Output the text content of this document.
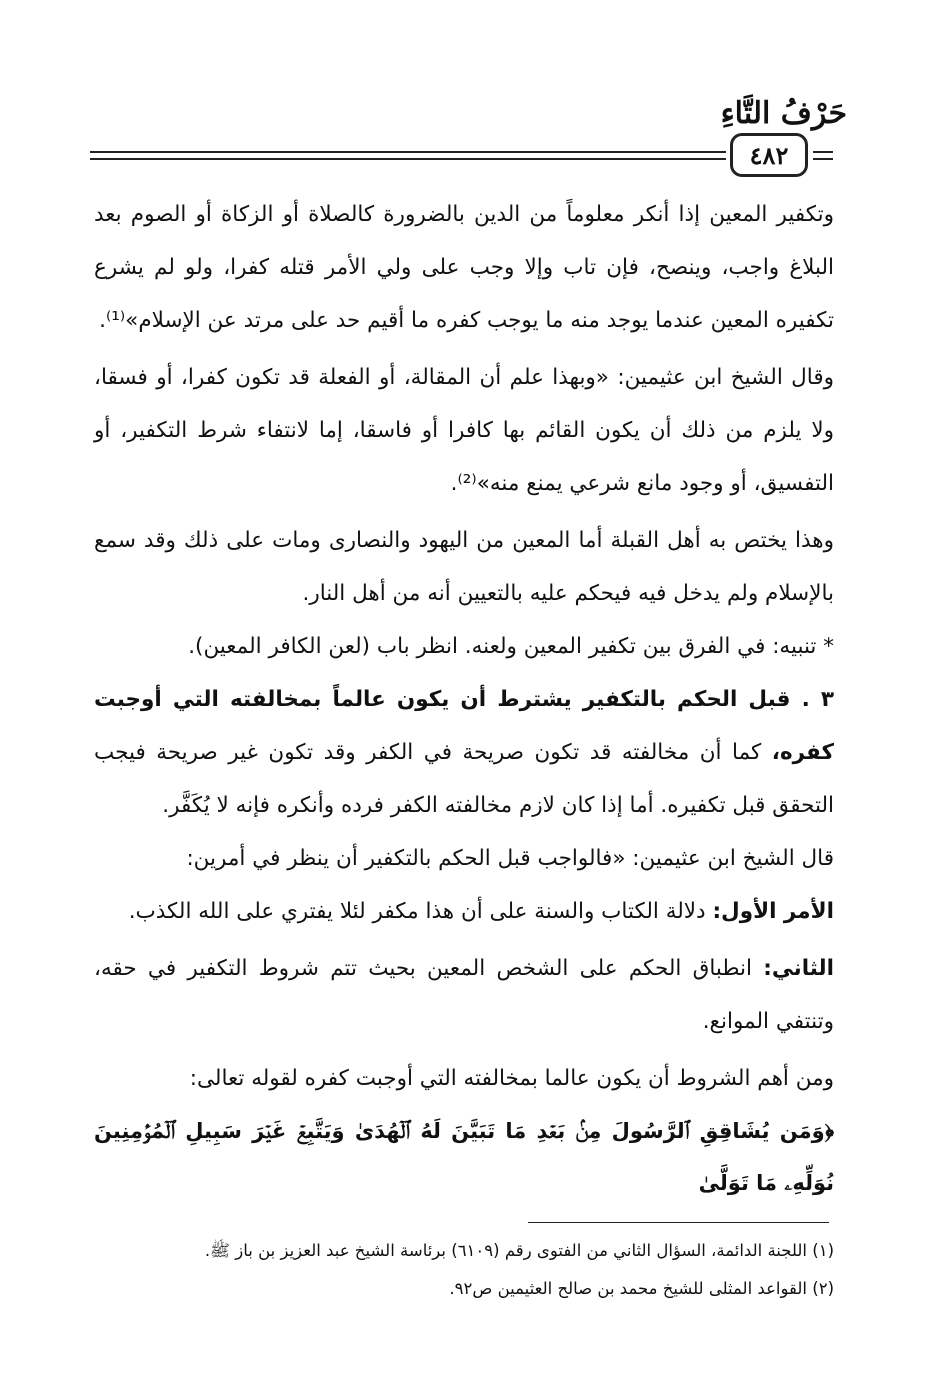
حَرْفُ التَّاءِ
٤٨٢

وتكفير المعين إذا أنكر معلوماً من الدين بالضرورة كالصلاة أو الزكاة أو الصوم بعد البلاغ واجب، وينصح، فإن تاب وإلا وجب على ولي الأمر قتله كفرا، ولو لم يشرع تكفيره المعين عندما يوجد منه ما يوجب كفره ما أقيم حد على مرتد عن الإسلام»⁽¹⁾.

وقال الشيخ ابن عثيمين: «وبهذا علم أن المقالة، أو الفعلة قد تكون كفرا، أو فسقا، ولا يلزم من ذلك أن يكون القائم بها كافرا أو فاسقا، إما لانتفاء شرط التكفير، أو التفسيق، أو وجود مانع شرعي يمنع منه»⁽²⁾.

وهذا يختص به أهل القبلة أما المعين من اليهود والنصارى ومات على ذلك وقد سمع بالإسلام ولم يدخل فيه فيحكم عليه بالتعيين أنه من أهل النار.

* تنبيه: في الفرق بين تكفير المعين ولعنه. انظر باب (لعن الكافر المعين).

٣ . قبل الحكم بالتكفير يشترط أن يكون عالماً بمخالفته التي أوجبت كفره، كما أن مخالفته قد تكون صريحة في الكفر وقد تكون غير صريحة فيجب التحقق قبل تكفيره. أما إذا كان لازم مخالفته الكفر فرده وأنكره فإنه لا يُكَفَّر.

قال الشيخ ابن عثيمين: «فالواجب قبل الحكم بالتكفير أن ينظر في أمرين:

الأمر الأول: دلالة الكتاب والسنة على أن هذا مكفر لئلا يفتري على الله الكذب.

الثاني: انطباق الحكم على الشخص المعين بحيث تتم شروط التكفير في حقه، وتنتفي الموانع.

ومن أهم الشروط أن يكون عالما بمخالفته التي أوجبت كفره لقوله تعالى:

﴿وَمَن يُشَاقِقِ ٱلرَّسُولَ مِنۢ بَعۡدِ مَا تَبَيَّنَ لَهُ ٱلۡهُدَىٰ وَيَتَّبِعۡ غَيۡرَ سَبِيلِ ٱلۡمُؤۡمِنِينَ نُوَلِّهِۦ مَا تَوَلَّىٰ

(١) اللجنة الدائمة، السؤال الثاني من الفتوى رقم (٦١٠٩) برئاسة الشيخ عبد العزيز بن باز ﷺ.

(٢) القواعد المثلى للشيخ محمد بن صالح العثيمين ص٩٢.
